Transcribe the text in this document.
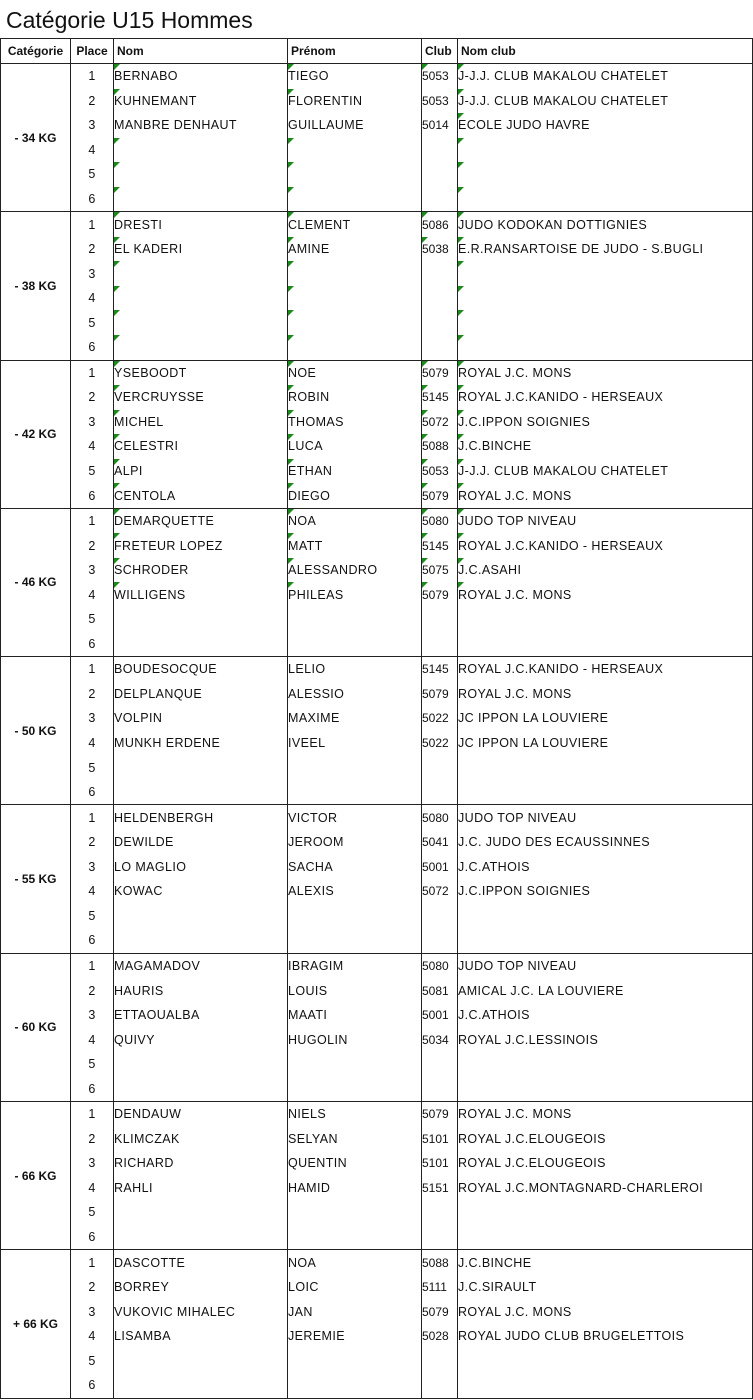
Catégorie U15 Hommes
Catégorie	Place	Nom	Prénom	Club	Nom club
- 34 KG	1	BERNABO	TIEGO	5053	J-J.J. CLUB MAKALOU CHATELET
	2	KUHNEMANT	FLORENTIN	5053	J-J.J. CLUB MAKALOU CHATELET
	3	MANBRE DENHAUT	GUILLAUME	5014	ECOLE JUDO HAVRE
	4				
	5				
	6				
- 38 KG	1	DRESTI	CLEMENT	5086	JUDO KODOKAN DOTTIGNIES
	2	EL KADERI	AMINE	5038	E.R.RANSARTOISE DE JUDO - S.BUGLI
	3				
	4				
	5				
	6				
- 42 KG	1	YSEBOODT	NOE	5079	ROYAL J.C. MONS
	2	VERCRUYSSE	ROBIN	5145	ROYAL J.C.KANIDO - HERSEAUX
	3	MICHEL	THOMAS	5072	J.C.IPPON SOIGNIES
	4	CELESTRI	LUCA	5088	J.C.BINCHE
	5	ALPI	ETHAN	5053	J-J.J. CLUB MAKALOU CHATELET
	6	CENTOLA	DIEGO	5079	ROYAL J.C. MONS
- 46 KG	1	DEMARQUETTE	NOA	5080	JUDO TOP NIVEAU
	2	FRETEUR LOPEZ	MATT	5145	ROYAL J.C.KANIDO - HERSEAUX
	3	SCHRODER	ALESSANDRO	5075	J.C.ASAHI
	4	WILLIGENS	PHILEAS	5079	ROYAL J.C. MONS
	5				
	6				
- 50 KG	1	BOUDESOCQUE	LELIO	5145	ROYAL J.C.KANIDO - HERSEAUX
	2	DELPLANQUE	ALESSIO	5079	ROYAL J.C. MONS
	3	VOLPIN	MAXIME	5022	JC IPPON LA LOUVIERE
	4	MUNKH ERDENE	IVEEL	5022	JC IPPON LA LOUVIERE
	5				
	6				
- 55 KG	1	HELDENBERGH	VICTOR	5080	JUDO TOP NIVEAU
	2	DEWILDE	JEROOM	5041	J.C. JUDO DES ECAUSSINNES
	3	LO MAGLIO	SACHA	5001	J.C.ATHOIS
	4	KOWAC	ALEXIS	5072	J.C.IPPON SOIGNIES
	5				
	6				
- 60 KG	1	MAGAMADOV	IBRAGIM	5080	JUDO TOP NIVEAU
	2	HAURIS	LOUIS	5081	AMICAL J.C. LA LOUVIERE
	3	ETTAOUALBA	MAATI	5001	J.C.ATHOIS
	4	QUIVY	HUGOLIN	5034	ROYAL J.C.LESSINOIS
	5				
	6				
- 66 KG	1	DENDAUW	NIELS	5079	ROYAL J.C. MONS
	2	KLIMCZAK	SELYAN	5101	ROYAL J.C.ELOUGEOIS
	3	RICHARD	QUENTIN	5101	ROYAL J.C.ELOUGEOIS
	4	RAHLI	HAMID	5151	ROYAL J.C.MONTAGNARD-CHARLEROI
	5				
	6				
+ 66 KG	1	DASCOTTE	NOA	5088	J.C.BINCHE
	2	BORREY	LOIC	5111	J.C.SIRAULT
	3	VUKOVIC MIHALEC	JAN	5079	ROYAL J.C. MONS
	4	LISAMBA	JEREMIE	5028	ROYAL JUDO CLUB BRUGELETTOIS
	5				
	6				
